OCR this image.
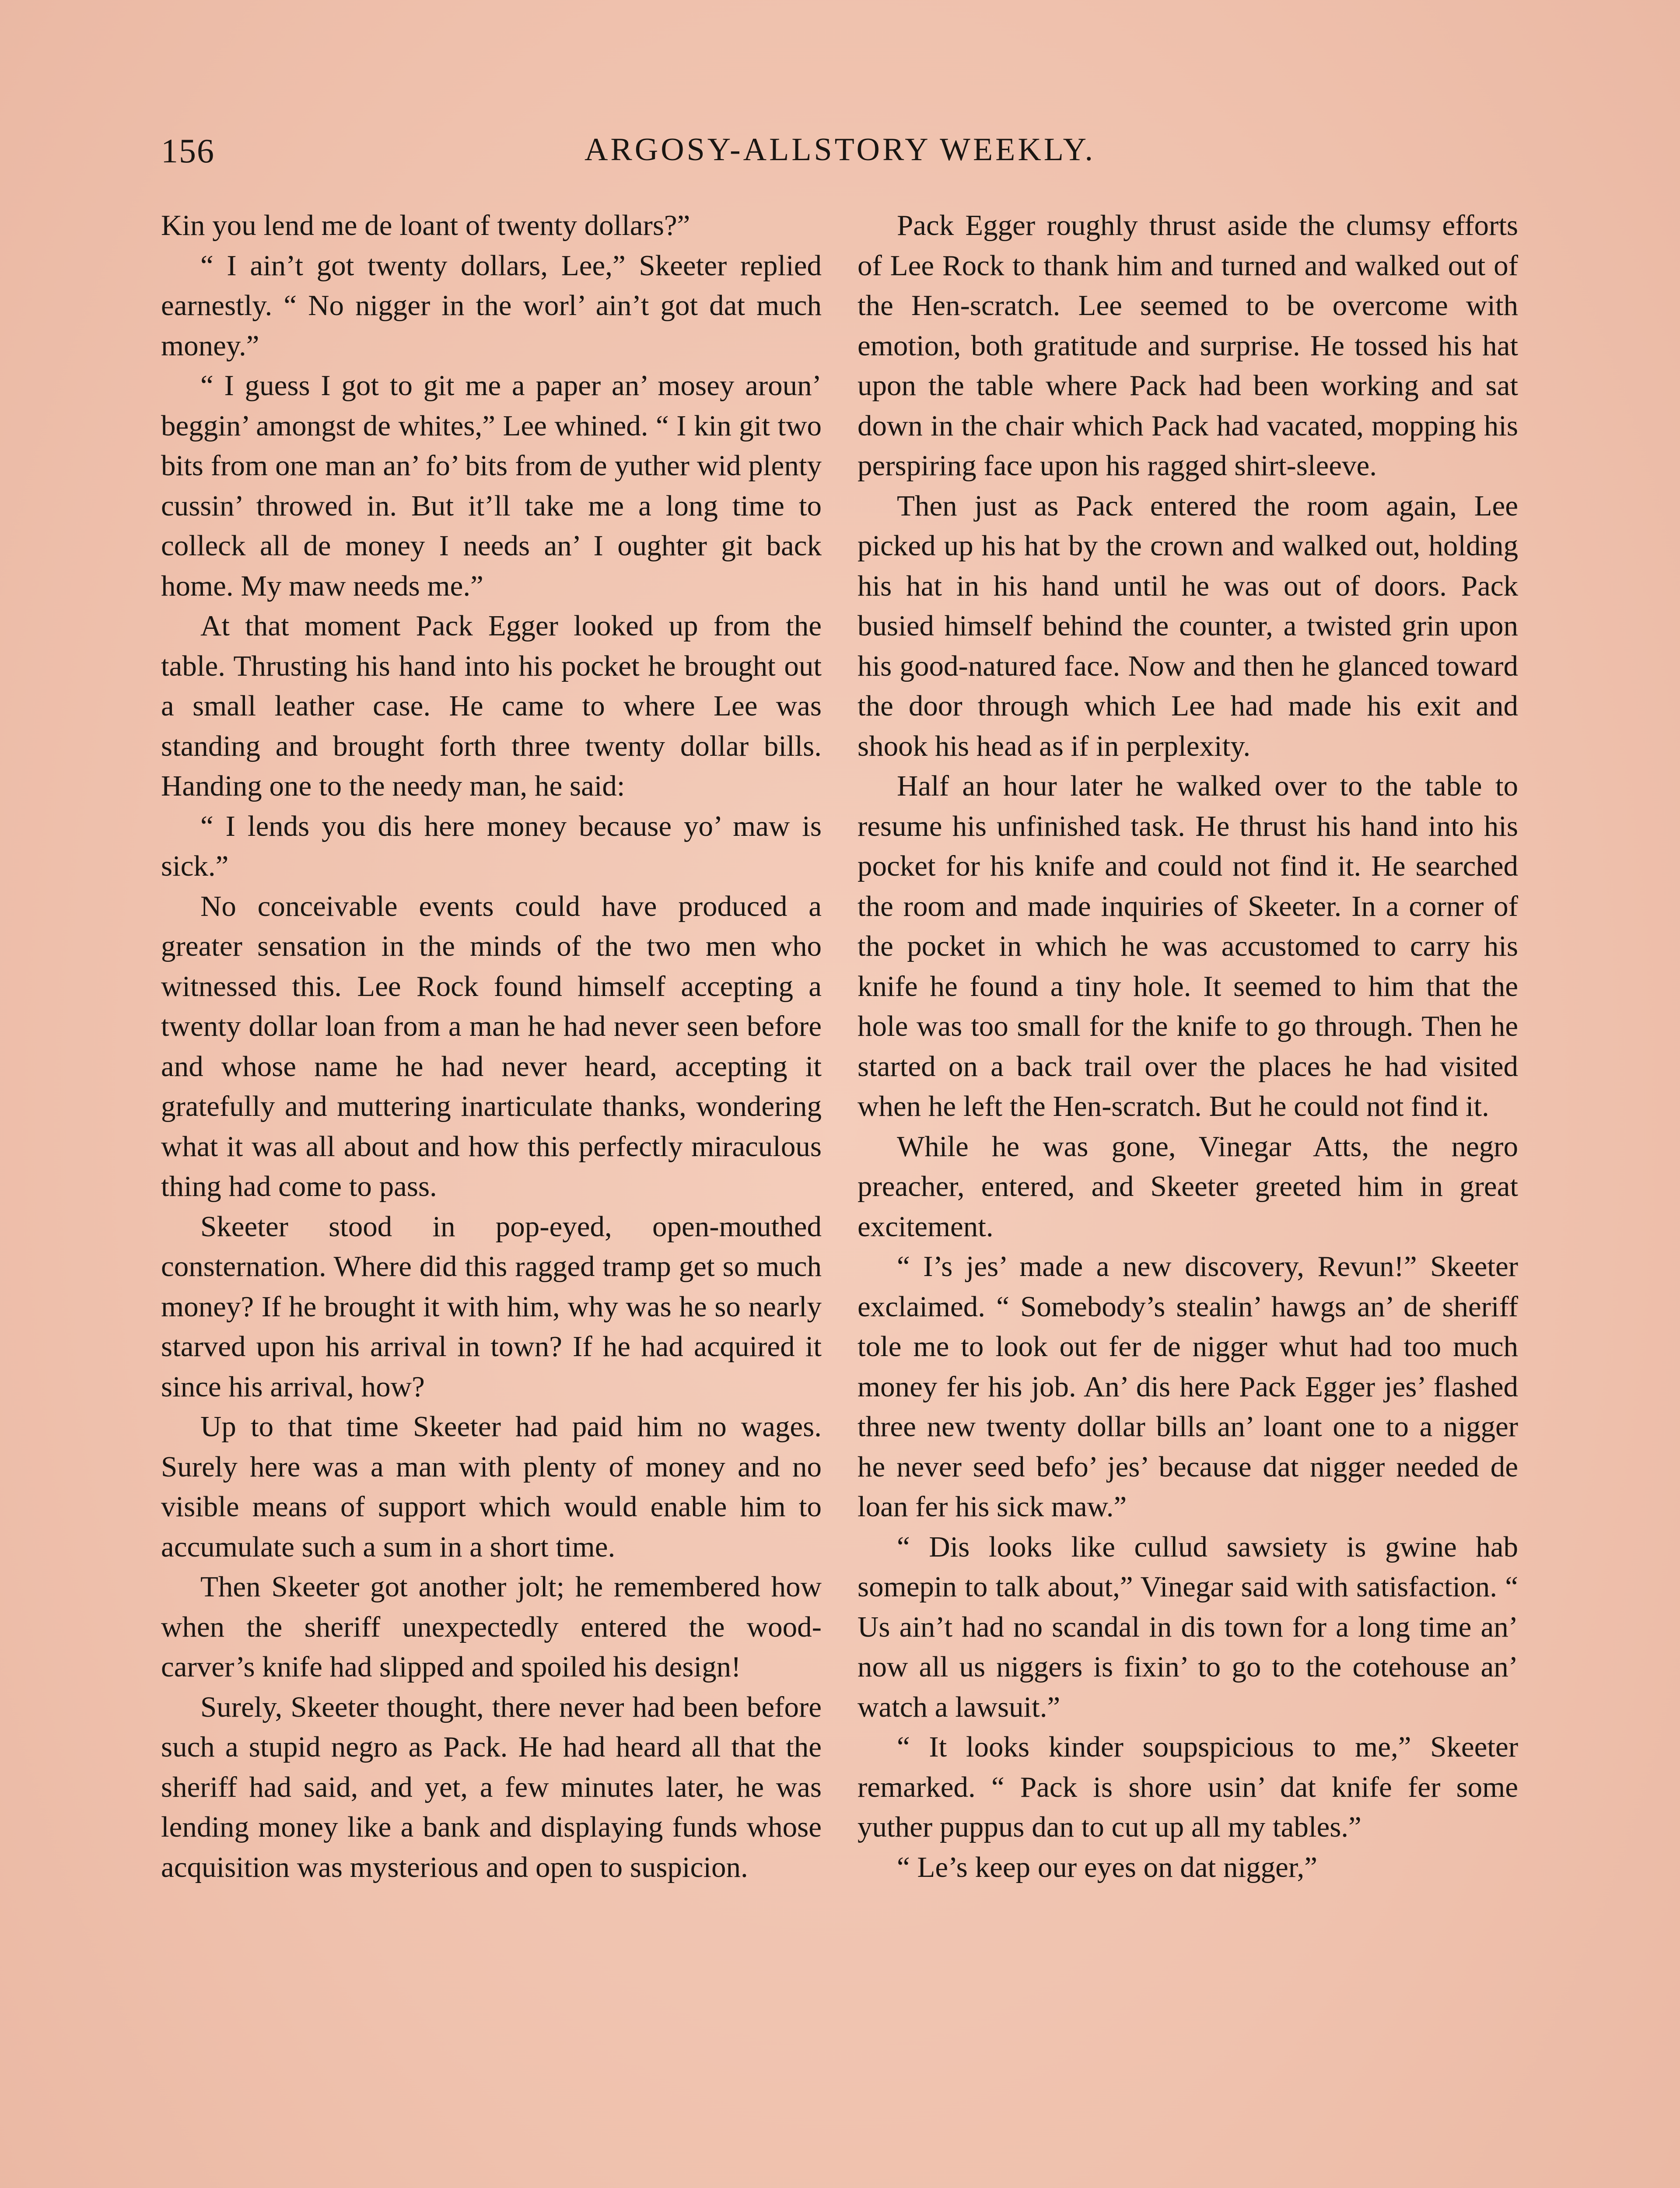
156	ARGOSY-ALLSTORY WEEKLY.

Kin you lend me de loant of twenty dollars?”

“ I ain’t got twenty dollars, Lee,” Skeeter replied earnestly. “ No nigger in the worl’ ain’t got dat much money.”

“ I guess I got to git me a paper an’ mosey aroun’ beggin’ amongst de whites,” Lee whined. “ I kin git two bits from one man an’ fo’ bits from de yuther wid plenty cussin’ throwed in. But it’ll take me a long time to colleck all de money I needs an’ I oughter git back home. My maw needs me.”

At that moment Pack Egger looked up from the table. Thrusting his hand into his pocket he brought out a small leather case. He came to where Lee was standing and brought forth three twenty dollar bills. Handing one to the needy man, he said:

“ I lends you dis here money because yo’ maw is sick.”

No conceivable events could have produced a greater sensation in the minds of the two men who witnessed this. Lee Rock found himself accepting a twenty dollar loan from a man he had never seen before and whose name he had never heard, accepting it gratefully and muttering inarticulate thanks, wondering what it was all about and how this perfectly miraculous thing had come to pass.

Skeeter stood in pop-eyed, open-mouthed consternation. Where did this ragged tramp get so much money? If he brought it with him, why was he so nearly starved upon his arrival in town? If he had acquired it since his arrival, how?

Up to that time Skeeter had paid him no wages. Surely here was a man with plenty of money and no visible means of support which would enable him to accumulate such a sum in a short time.

Then Skeeter got another jolt; he remembered how when the sheriff unexpectedly entered the wood-carver’s knife had slipped and spoiled his design!

Surely, Skeeter thought, there never had been before such a stupid negro as Pack. He had heard all that the sheriff had said, and yet, a few minutes later, he was lending money like a bank and displaying funds whose acquisition was mysterious and open to suspicion.

Pack Egger roughly thrust aside the clumsy efforts of Lee Rock to thank him and turned and walked out of the Hen-scratch. Lee seemed to be overcome with emotion, both gratitude and surprise. He tossed his hat upon the table where Pack had been working and sat down in the chair which Pack had vacated, mopping his perspiring face upon his ragged shirt-sleeve.

Then just as Pack entered the room again, Lee picked up his hat by the crown and walked out, holding his hat in his hand until he was out of doors. Pack busied himself behind the counter, a twisted grin upon his good-natured face. Now and then he glanced toward the door through which Lee had made his exit and shook his head as if in perplexity.

Half an hour later he walked over to the table to resume his unfinished task. He thrust his hand into his pocket for his knife and could not find it. He searched the room and made inquiries of Skeeter. In a corner of the pocket in which he was accustomed to carry his knife he found a tiny hole. It seemed to him that the hole was too small for the knife to go through. Then he started on a back trail over the places he had visited when he left the Hen-scratch. But he could not find it.

While he was gone, Vinegar Atts, the negro preacher, entered, and Skeeter greeted him in great excitement.

“ I’s jes’ made a new discovery, Revun!” Skeeter exclaimed. “ Somebody’s stealin’ hawgs an’ de sheriff tole me to look out fer de nigger whut had too much money fer his job. An’ dis here Pack Egger jes’ flashed three new twenty dollar bills an’ loant one to a nigger he never seed befo’ jes’ because dat nigger needed de loan fer his sick maw.”

“ Dis looks like cullud sawsiety is gwine hab somepin to talk about,” Vinegar said with satisfaction. “ Us ain’t had no scandal in dis town for a long time an’ now all us niggers is fixin’ to go to the cotehouse an’ watch a lawsuit.”

“ It looks kinder soupspicious to me,” Skeeter remarked. “ Pack is shore usin’ dat knife fer some yuther puppus dan to cut up all my tables.”

“ Le’s keep our eyes on dat nigger,”
